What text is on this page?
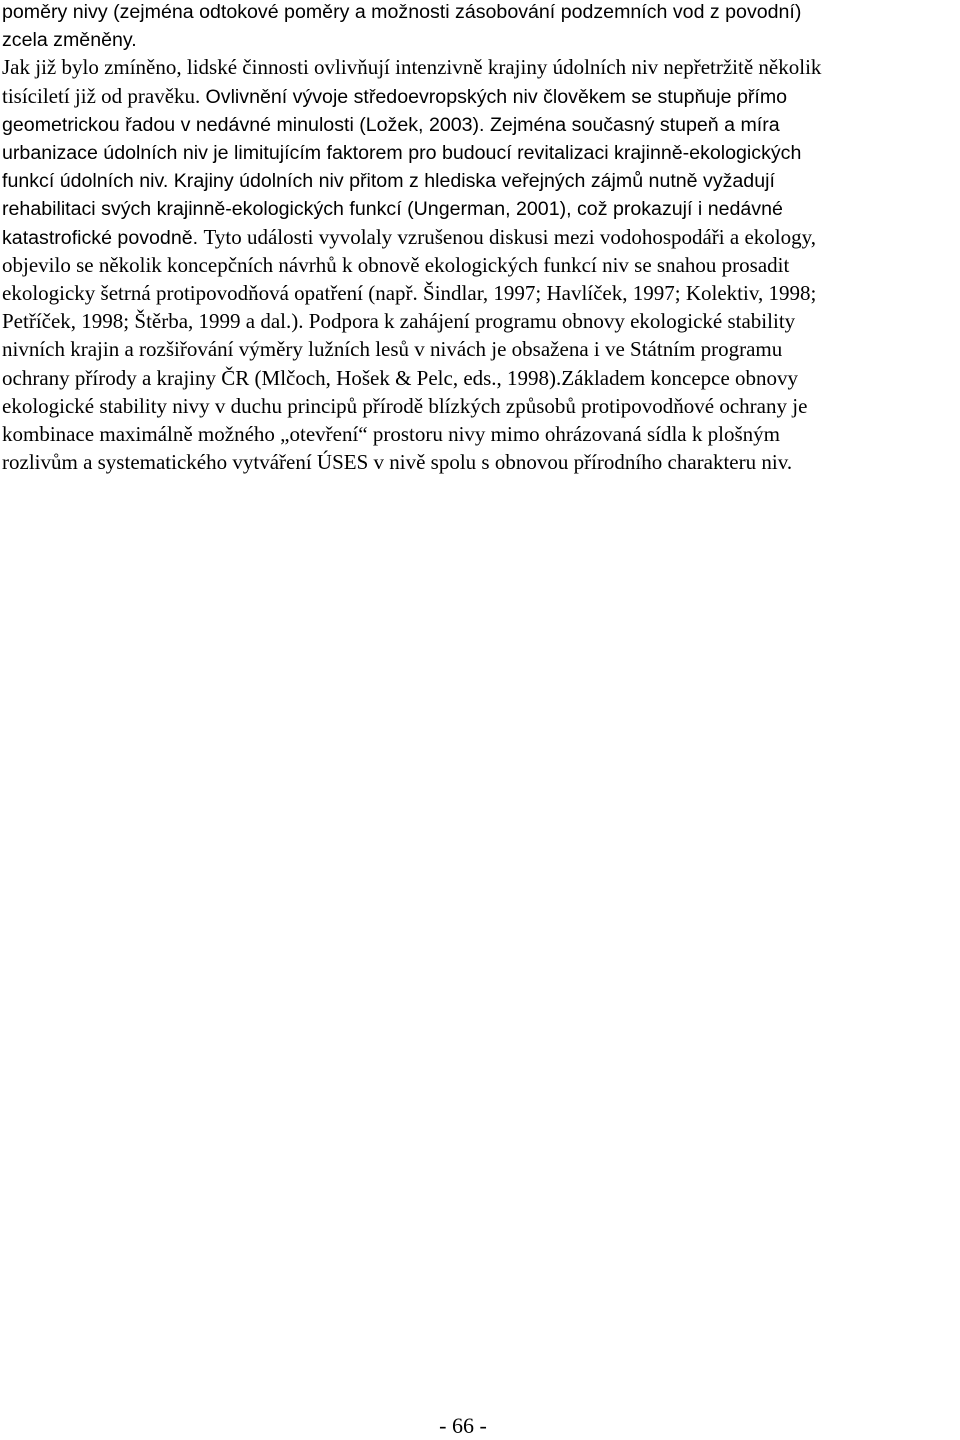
poměry nivy (zejména odtokové poměry a možnosti zásobování podzemních vod z povodní)
zcela změněny.
Jak již bylo zmíněno, lidské činnosti ovlivňují intenzivně krajiny údolních niv nepřetržitě několik
tisíciletí již od pravěku. Ovlivnění vývoje středoevropských niv člověkem se stupňuje přímo
geometrickou řadou v nedávné minulosti (Ložek, 2003). Zejména současný stupeň a míra
urbanizace údolních niv je limitujícím faktorem pro budoucí revitalizaci krajinně-ekologických
funkcí údolních niv. Krajiny údolních niv přitom z hlediska veřejných zájmů nutně vyžadují
rehabilitaci svých krajinně-ekologických funkcí (Ungerman, 2001), což prokazují i nedávné
katastrofické povodně. Tyto události vyvolaly vzrušenou diskusi mezi vodohospodáři a ekology,
objevilo se několik koncepčních návrhů k obnově ekologických funkcí niv se snahou prosadit
ekologicky šetrná protipovodňová opatření (např. Šindlar, 1997; Havlíček, 1997; Kolektiv, 1998;
Petříček, 1998; Štěrba, 1999 a dal.). Podpora k zahájení programu obnovy ekologické stability
nivních krajin a rozšiřování výměry lužních lesů v nivách je obsažena i ve Státním programu
ochrany přírody a krajiny ČR (Mlčoch, Hošek & Pelc, eds., 1998).Základem koncepce obnovy
ekologické stability nivy v duchu principů přírodě blízkých způsobů protipovodňové ochrany je
kombinace maximálně možného „otevření“ prostoru nivy mimo ohrázovaná sídla k plošným
rozlivům a systematického vytváření ÚSES v nivě spolu s obnovou přírodního charakteru niv.
- 66 -
